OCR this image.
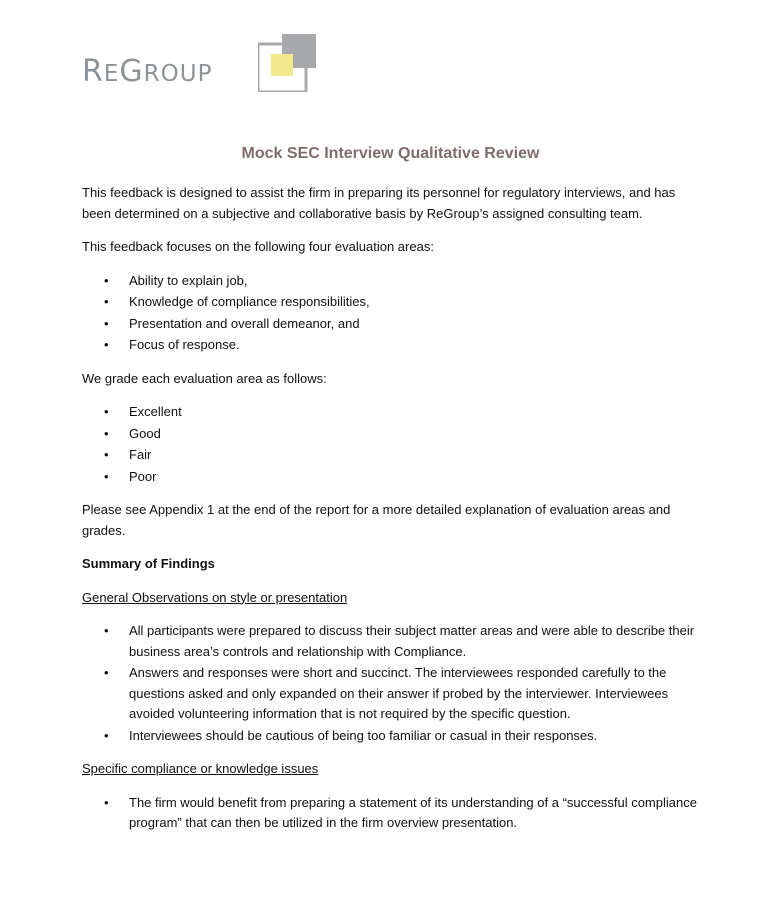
REGROUP
Mock SEC Interview Qualitative Review

This feedback is designed to assist the firm in preparing its personnel for regulatory interviews, and has been determined on a subjective and collaborative basis by ReGroup’s assigned consulting team.

This feedback focuses on the following four evaluation areas:

• Ability to explain job,
• Knowledge of compliance responsibilities,
• Presentation and overall demeanor, and
• Focus of response.

We grade each evaluation area as follows:

• Excellent
• Good
• Fair
• Poor

Please see Appendix 1 at the end of the report for a more detailed explanation of evaluation areas and grades.

Summary of Findings

General Observations on style or presentation

• All participants were prepared to discuss their subject matter areas and were able to describe their business area’s controls and relationship with Compliance.
• Answers and responses were short and succinct. The interviewees responded carefully to the questions asked and only expanded on their answer if probed by the interviewer. Interviewees avoided volunteering information that is not required by the specific question.
• Interviewees should be cautious of being too familiar or casual in their responses.

Specific compliance or knowledge issues

• The firm would benefit from preparing a statement of its understanding of a “successful compliance program” that can then be utilized in the firm overview presentation.
